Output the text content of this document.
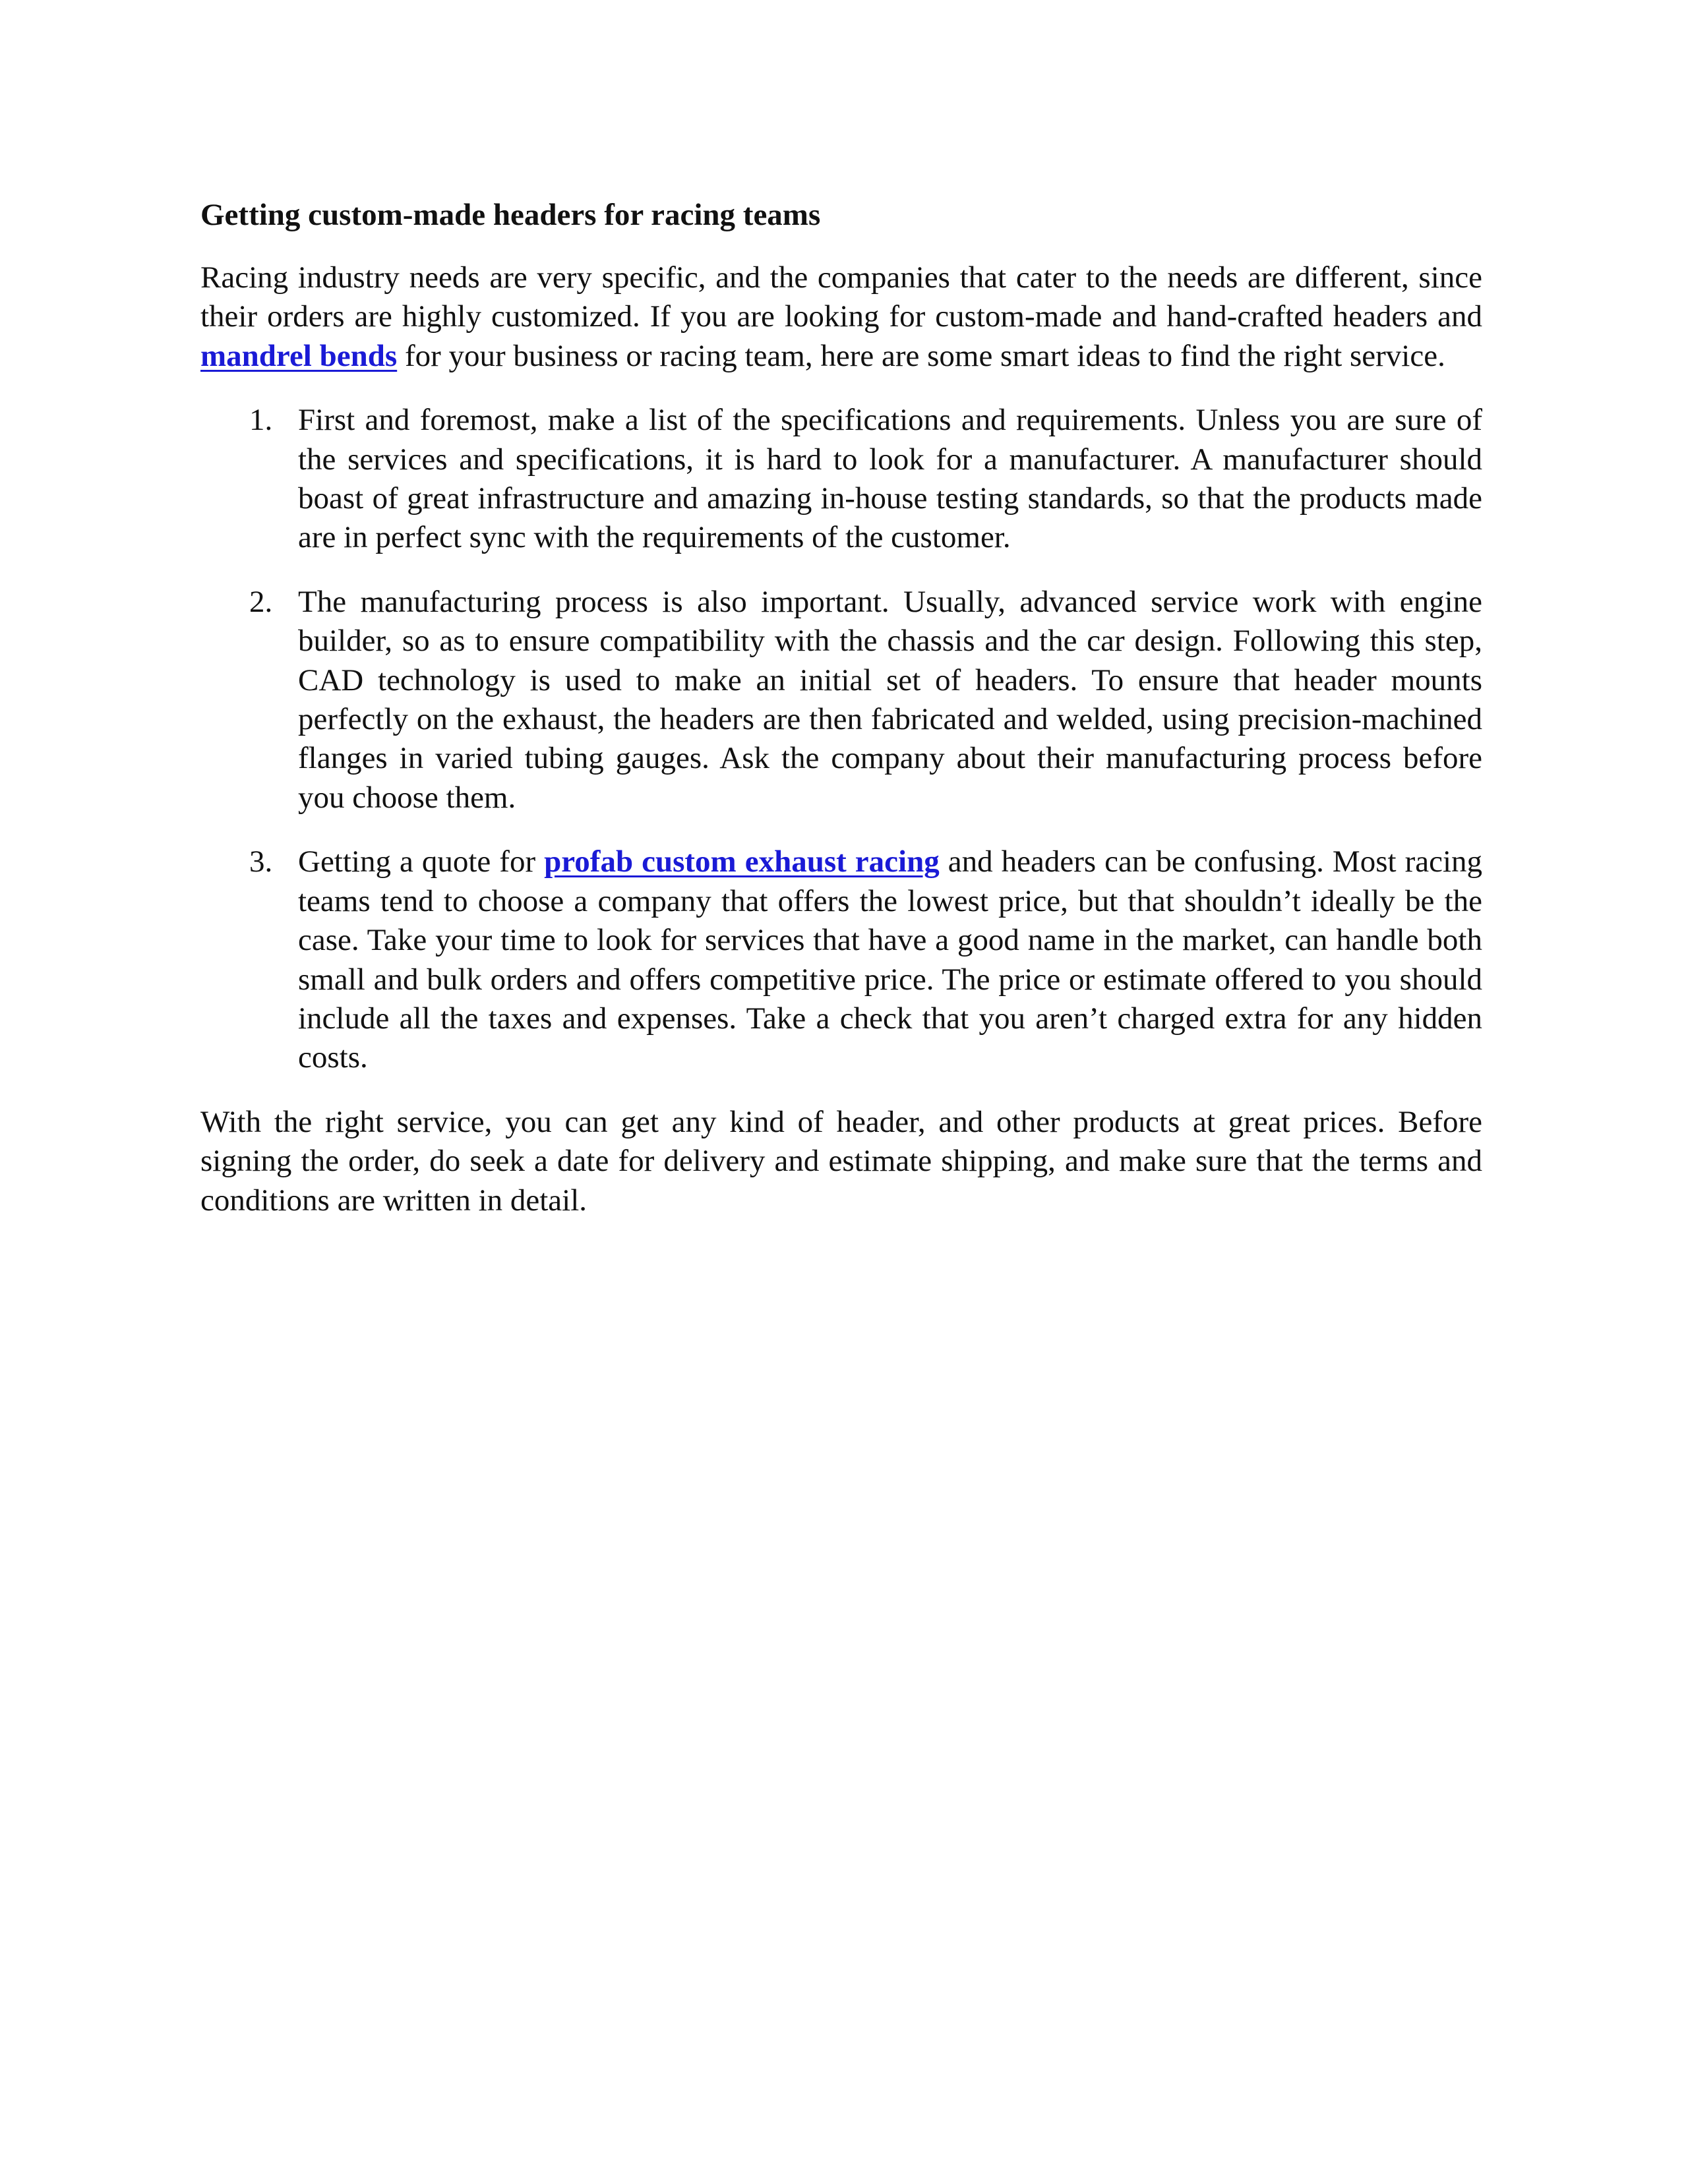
Getting custom-made headers for racing teams

Racing industry needs are very specific, and the companies that cater to the needs are different, since their orders are highly customized. If you are looking for custom-made and hand-crafted headers and mandrel bends for your business or racing team, here are some smart ideas to find the right service.

1. First and foremost, make a list of the specifications and requirements. Unless you are sure of the services and specifications, it is hard to look for a manufacturer. A manufacturer should boast of great infrastructure and amazing in-house testing standards, so that the products made are in perfect sync with the requirements of the customer.
2. The manufacturing process is also important. Usually, advanced service work with engine builder, so as to ensure compatibility with the chassis and the car design. Following this step, CAD technology is used to make an initial set of headers. To ensure that header mounts perfectly on the exhaust, the headers are then fabricated and welded, using precision-machined flanges in varied tubing gauges. Ask the company about their manufacturing process before you choose them.
3. Getting a quote for profab custom exhaust racing and headers can be confusing. Most racing teams tend to choose a company that offers the lowest price, but that shouldn’t ideally be the case. Take your time to look for services that have a good name in the market, can handle both small and bulk orders and offers competitive price. The price or estimate offered to you should include all the taxes and expenses. Take a check that you aren’t charged extra for any hidden costs.

With the right service, you can get any kind of header, and other products at great prices. Before signing the order, do seek a date for delivery and estimate shipping, and make sure that the terms and conditions are written in detail.
